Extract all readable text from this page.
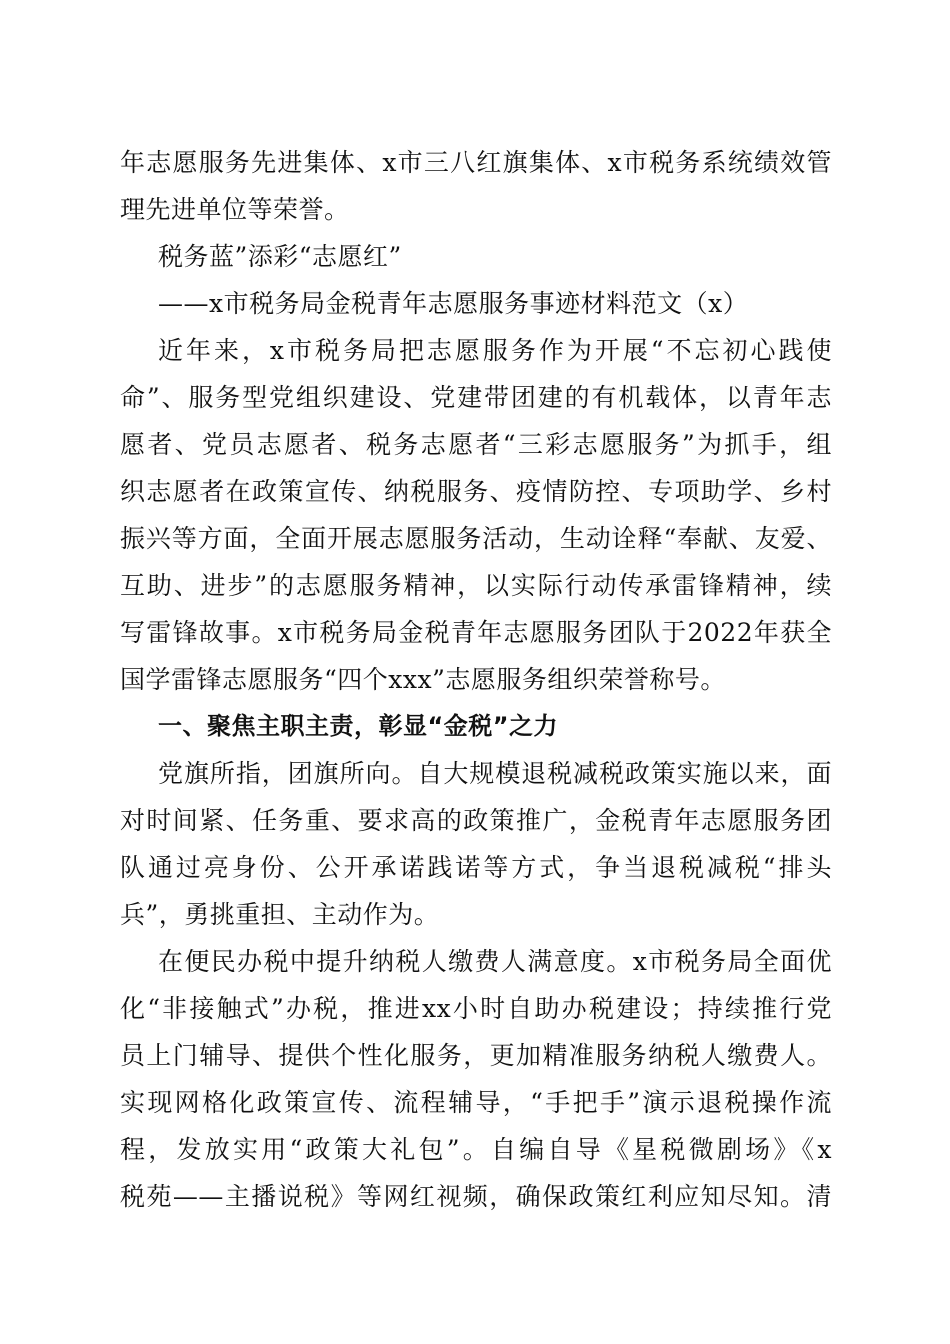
年志愿服务先进集体、x市三八红旗集体、x市税务系统绩效管
理先进单位等荣誉。
税务蓝”添彩“志愿红”
——x市税务局金税青年志愿服务事迹材料范文（x）
近年来，x市税务局把志愿服务作为开展“不忘初心践使
命”、服务型党组织建设、党建带团建的有机载体，以青年志
愿者、党员志愿者、税务志愿者“三彩志愿服务”为抓手，组
织志愿者在政策宣传、纳税服务、疫情防控、专项助学、乡村
振兴等方面，全面开展志愿服务活动，生动诠释“奉献、友爱、
互助、进步”的志愿服务精神，以实际行动传承雷锋精神，续
写雷锋故事。x市税务局金税青年志愿服务团队于2022年获全
国学雷锋志愿服务“四个xxx”志愿服务组织荣誉称号。
一、聚焦主职主责，彰显“金税”之力
党旗所指，团旗所向。自大规模退税减税政策实施以来，面
对时间紧、任务重、要求高的政策推广，金税青年志愿服务团
队通过亮身份、公开承诺践诺等方式，争当退税减税“排头
兵”，勇挑重担、主动作为。
在便民办税中提升纳税人缴费人满意度。x市税务局全面优
化“非接触式”办税，推进xx小时自助办税建设；持续推行党
员上门辅导、提供个性化服务，更加精准服务纳税人缴费人。
实现网格化政策宣传、流程辅导，“手把手”演示退税操作流
程，发放实用“政策大礼包”。自编自导《星税微剧场》《x
税苑——主播说税》等网红视频，确保政策红利应知尽知。清
